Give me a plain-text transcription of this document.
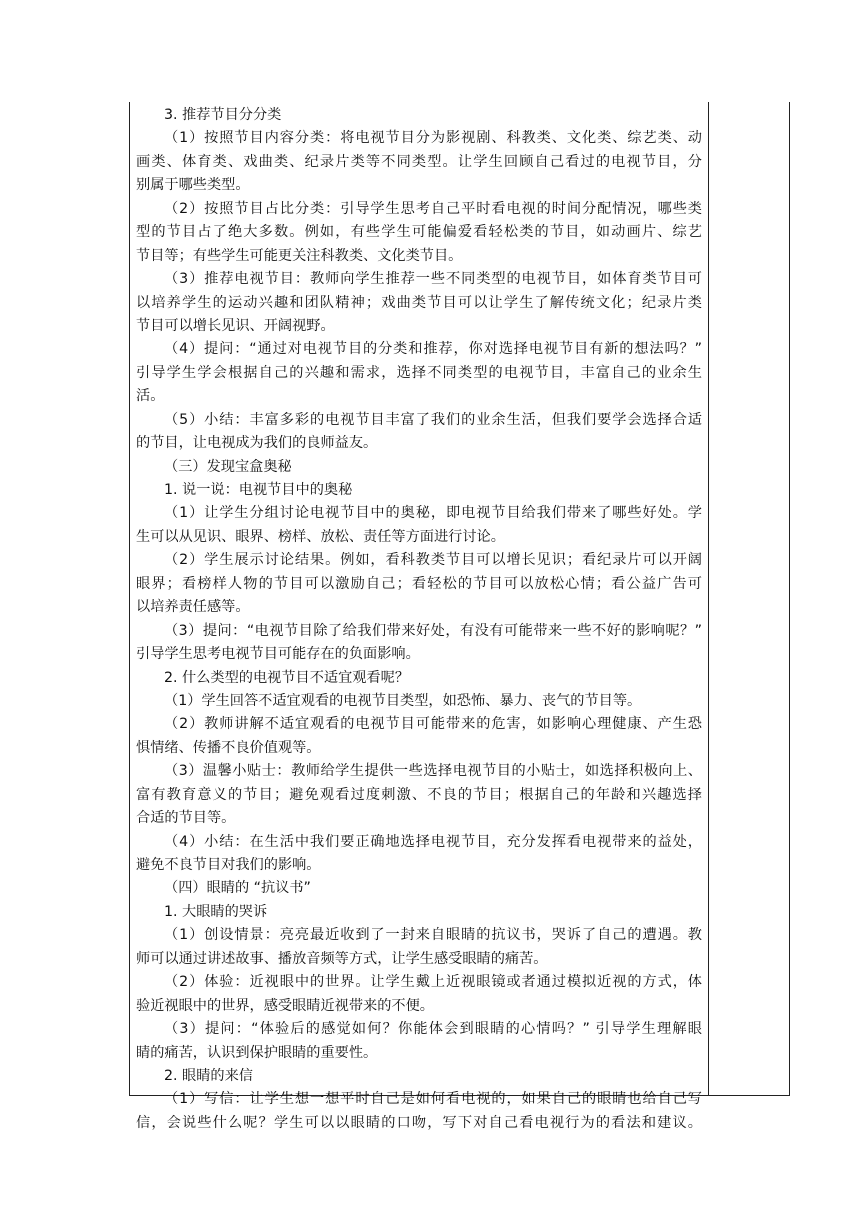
3. 推荐节目分分类
（1）按照节目内容分类：将电视节目分为影视剧、科教类、文化类、综艺类、动
画类、体育类、戏曲类、纪录片类等不同类型。让学生回顾自己看过的电视节目，分
别属于哪些类型。
（2）按照节目占比分类：引导学生思考自己平时看电视的时间分配情况，哪些类
型的节目占了绝大多数。例如，有些学生可能偏爱看轻松类的节目，如动画片、综艺
节目等；有些学生可能更关注科教类、文化类节目。
（3）推荐电视节目：教师向学生推荐一些不同类型的电视节目，如体育类节目可
以培养学生的运动兴趣和团队精神；戏曲类节目可以让学生了解传统文化；纪录片类
节目可以增长见识、开阔视野。
（4）提问：“通过对电视节目的分类和推荐，你对选择电视节目有新的想法吗？”
引导学生学会根据自己的兴趣和需求，选择不同类型的电视节目，丰富自己的业余生
活。
（5）小结：丰富多彩的电视节目丰富了我们的业余生活，但我们要学会选择合适
的节目，让电视成为我们的良师益友。
（三）发现宝盒奥秘
1. 说一说：电视节目中的奥秘
（1）让学生分组讨论电视节目中的奥秘，即电视节目给我们带来了哪些好处。学
生可以从见识、眼界、榜样、放松、责任等方面进行讨论。
（2）学生展示讨论结果。例如，看科教类节目可以增长见识；看纪录片可以开阔
眼界；看榜样人物的节目可以激励自己；看轻松的节目可以放松心情；看公益广告可
以培养责任感等。
（3）提问：“电视节目除了给我们带来好处，有没有可能带来一些不好的影响呢？”
引导学生思考电视节目可能存在的负面影响。
2. 什么类型的电视节目不适宜观看呢？
（1）学生回答不适宜观看的电视节目类型，如恐怖、暴力、丧气的节目等。
（2）教师讲解不适宜观看的电视节目可能带来的危害，如影响心理健康、产生恐
惧情绪、传播不良价值观等。
（3）温馨小贴士：教师给学生提供一些选择电视节目的小贴士，如选择积极向上、
富有教育意义的节目；避免观看过度刺激、不良的节目；根据自己的年龄和兴趣选择
合适的节目等。
（4）小结：在生活中我们要正确地选择电视节目，充分发挥看电视带来的益处，
避免不良节目对我们的影响。
（四）眼睛的 “抗议书”
1. 大眼睛的哭诉
（1）创设情景：亮亮最近收到了一封来自眼睛的抗议书，哭诉了自己的遭遇。教
师可以通过讲述故事、播放音频等方式，让学生感受眼睛的痛苦。
（2）体验：近视眼中的世界。让学生戴上近视眼镜或者通过模拟近视的方式，体
验近视眼中的世界，感受眼睛近视带来的不便。
（3）提问：“体验后的感觉如何？你能体会到眼睛的心情吗？” 引导学生理解眼
睛的痛苦，认识到保护眼睛的重要性。
2. 眼睛的来信
（1）写信：让学生想一想平时自己是如何看电视的，如果自己的眼睛也给自己写
信，会说些什么呢？学生可以以眼睛的口吻，写下对自己看电视行为的看法和建议。
